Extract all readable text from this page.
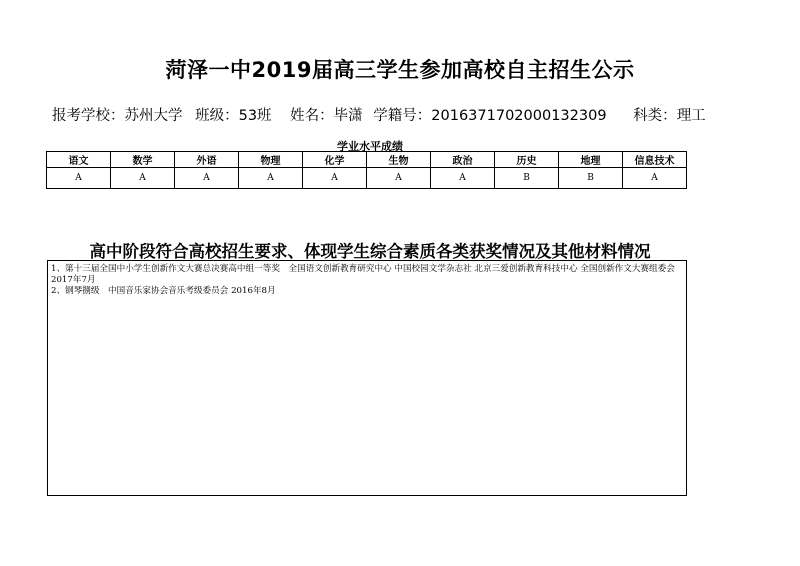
菏泽一中2019届高三学生参加高校自主招生公示
报考学校：苏州大学 班级：53班 姓名：毕潇 学籍号：2016371702000132309 科类：理工
学业水平成绩
语文	数学	外语	物理	化学	生物	政治	历史	地理	信息技术
A	A	A	A	A	A	A	B	B	A
高中阶段符合高校招生要求、体现学生综合素质各类获奖情况及其他材料情况
1、第十三届全国中小学生创新作文大赛总决赛高中组一等奖　全国语文创新教育研究中心 中国校园文学杂志社 北京三爱创新教育科技中心 全国创新作文大赛组委会　　　2017年7月
2、钢琴捌级　中国音乐家协会音乐考级委员会 2016年8月
